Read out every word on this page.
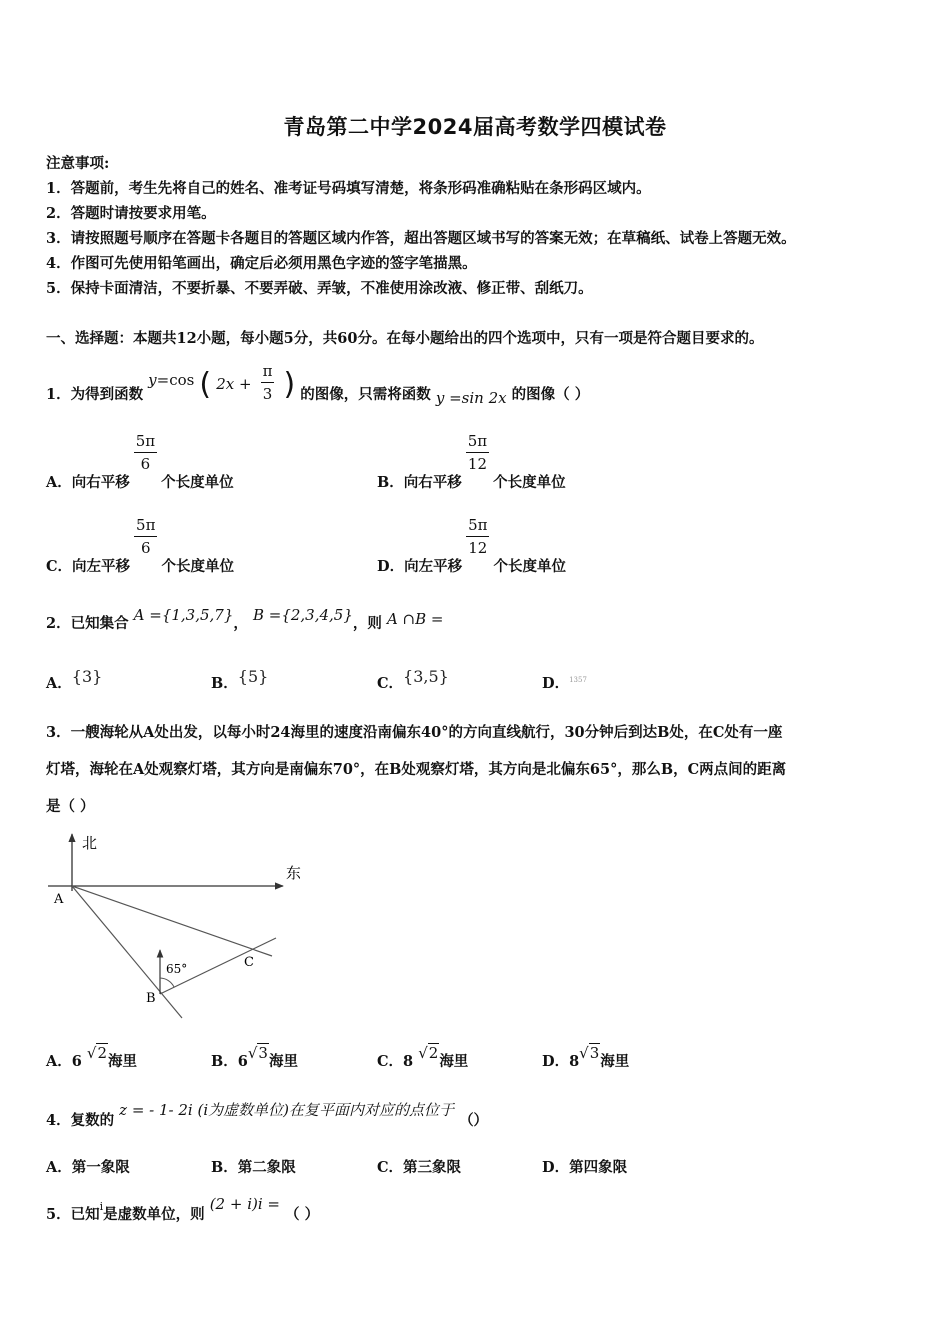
青岛第二中学2024届高考数学四模试卷
注意事项:
1．答题前，考生先将自己的姓名、准考证号码填写清楚，将条形码准确粘贴在条形码区域内。
2．答题时请按要求用笔。
3．请按照题号顺序在答题卡各题目的答题区域内作答，超出答题区域书写的答案无效；在草稿纸、试卷上答题无效。
4．作图可先使用铅笔画出，确定后必须用黑色字迹的签字笔描黑。
5．保持卡面清洁，不要折暴、不要弄破、弄皱，不准使用涂改液、修正带、刮纸刀。
一、选择题：本题共12小题，每小题5分，共60分。在每小题给出的四个选项中，只有一项是符合题目要求的。
1．为得到函数 y=cos ( $2x + \frac{\pi}{3}$ ) 的图像，只需将函数 y =sin 2x 的图像（ ）
A．向右平移
$\frac{5\pi}{6}$
个长度单位	B．向右平移
$\frac{5\pi}{12}$
个长度单位
C．向左平移
$\frac{5\pi}{6}$
个长度单位	D．向左平移
$\frac{5\pi}{12}$
个长度单位
2．已知集合 A ={1,3,5,7}， B ={2,3,4,5}，则 A ∩B =
A．{3}	B．{5}	C．{3,5}	D．$^{1357}$
3．一艘海轮从A处出发，以每小时24海里的速度沿南偏东40°的方向直线航行，30分钟后到达B处，在C处有一座
灯塔，海轮在A处观察灯塔，其方向是南偏东70°，在B处观察灯塔，其方向是北偏东65°，那么B，C两点间的距离
是（ ）
北
东
A
65°
B
C
A．6 √2海里	B．6√3海里	C．8 √2海里	D．8√3海里
4．复数的 z = - 1- 2i (i为虚数单位)在复平面内对应的点位于 （）
A．第一象限	B．第二象限	C．第三象限	D．第四象限
5．已知$^i$是虚数单位，则 (2 + i)i = （ ）
